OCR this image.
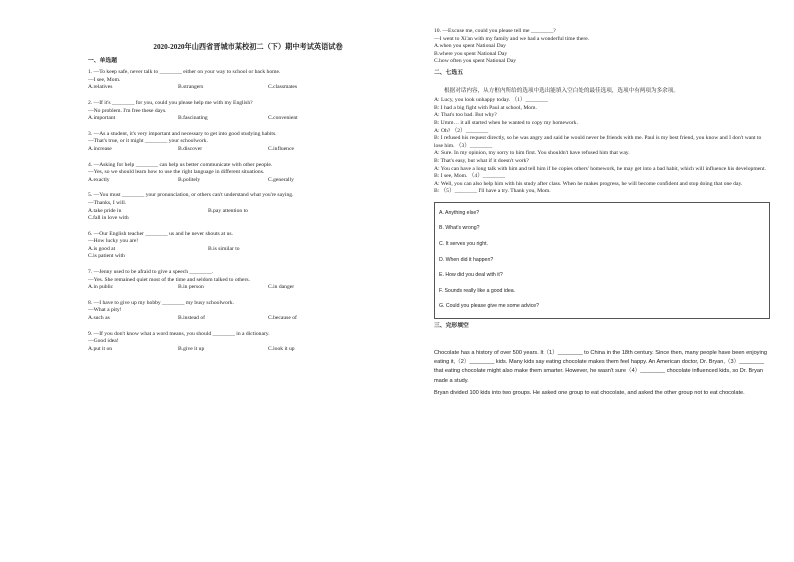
2020-2020年山西省晋城市某校初二（下）期中考试英语试卷
一、单选题
1. —To keep safe, never talk to ________ either on your way to school or back home.
—I see, Mom.
A.relatives	B.strangers	C.classmates
2. —If it's ________ for you, could you please help me with my English?
—No problem. I'm free these days.
A.important	B.fascinating	C.convenient
3. —As a student, it's very important and necessary to get into good studying habits.
—That's true, or it might ________ your schoolwork.
A.increase	B.discover	C.influence
4. —Asking for help ________ can help us better communicate with other people.
—Yes, so we should learn how to use the right language in different situations.
A.exactly	B.politely	C.generally
5. —You must ________ your pronunciation, or others can't understand what you're saying.
—Thanks, I will.
A.take pride in	B.pay attention to
C.fall in love with
6. —Our English teacher ________ us and he never shouts at us.
—How lucky you are!
A.is good at	B.is similar to
C.is patient with
7. —Jenny used to be afraid to give a speech ________.
—Yes. She remained quiet most of the time and seldom talked to others.
A.in public	B.in person	C.in danger
8. —I have to give up my hobby ________ my busy schoolwork.
—What a pity!
A.such as	B.instead of	C.because of
9. —If you don't know what a word means, you should ________ in a dictionary.
—Good idea!
A.put it on	B.give it up	C.look it up
10. —Excuse me, could you please tell me ________?
—I went to Xi'an with my family and we had a wonderful time there.
A.when you spent National Day
B.where you spent National Day
C.how often you spent National Day
二、七选五
根据对话内容，从方框内所给的选项中选出能填入空白处的最佳选项，选项中有两项为多余项。
A: Lucy, you look unhappy today. （1）________
B: I had a big fight with Paul at school, Mom.
A: That's too bad. But why?
B: Umm… it all started when he wanted to copy my homework.
A: Oh? （2）________
B: I refused his request directly, so he was angry and said he would never be friends with me. Paul is my best friend, you know and I don't want to lose him. （3）________
A: Sure. In my opinion, my sorry to him first. You shouldn't have refused him that way.
B: That's easy, but what if it doesn't work?
A: You can have a long talk with him and tell him if he copies others' homework, he may get into a bad habit, which will influence his development.
B: I see, Mom. （4）________
A: Well, you can also help him with his study after class. When he makes progress, he will become confident and stop doing that one day.
B: （5）________ I'll have a try. Thank you, Mom.
A. Anything else?
B. What's wrong?
C. It serves you right.
D. When did it happen?
E. How did you deal with it?
F. Sounds really like a good idea.
G. Could you please give me some advice?
三、完形填空

Chocolate has a history of over 500 years. It（1）________ to China in the 18th century. Since then, many people have been enjoying eating it,（2）________ kids. Many kids say eating chocolate makes them feel happy. An American doctor, Dr. Bryan,（3）________ that eating chocolate might also make them smarter. However, he wasn't sure（4）________ chocolate influenced kids, so Dr. Bryan made a study.

Bryan divided 100 kids into two groups. He asked one group to eat chocolate, and asked the other group not to eat chocolate.
